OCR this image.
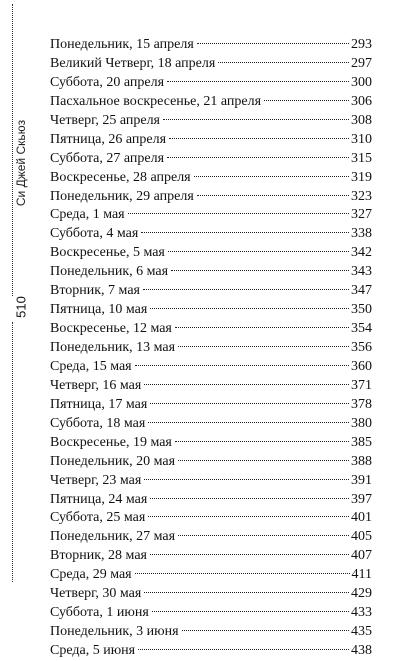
Си Джей Скьюз
510
Понедельник, 15 апреля	293
Великий Четверг, 18 апреля	297
Суббота, 20 апреля	300
Пасхальное воскресенье, 21 апреля	306
Четверг, 25 апреля	308
Пятница, 26 апреля	310
Суббота, 27 апреля	315
Воскресенье, 28 апреля	319
Понедельник, 29 апреля	323
Среда, 1 мая	327
Суббота, 4 мая	338
Воскресенье, 5 мая	342
Понедельник, 6 мая	343
Вторник, 7 мая	347
Пятница, 10 мая	350
Воскресенье, 12 мая	354
Понедельник, 13 мая	356
Среда, 15 мая	360
Четверг, 16 мая	371
Пятница, 17 мая	378
Суббота, 18 мая	380
Воскресенье, 19 мая	385
Понедельник, 20 мая	388
Четверг, 23 мая	391
Пятница, 24 мая	397
Суббота, 25 мая	401
Понедельник, 27 мая	405
Вторник, 28 мая	407
Среда, 29 мая	411
Четверг, 30 мая	429
Суббота, 1 июня	433
Понедельник, 3 июня	435
Среда, 5 июня	438
